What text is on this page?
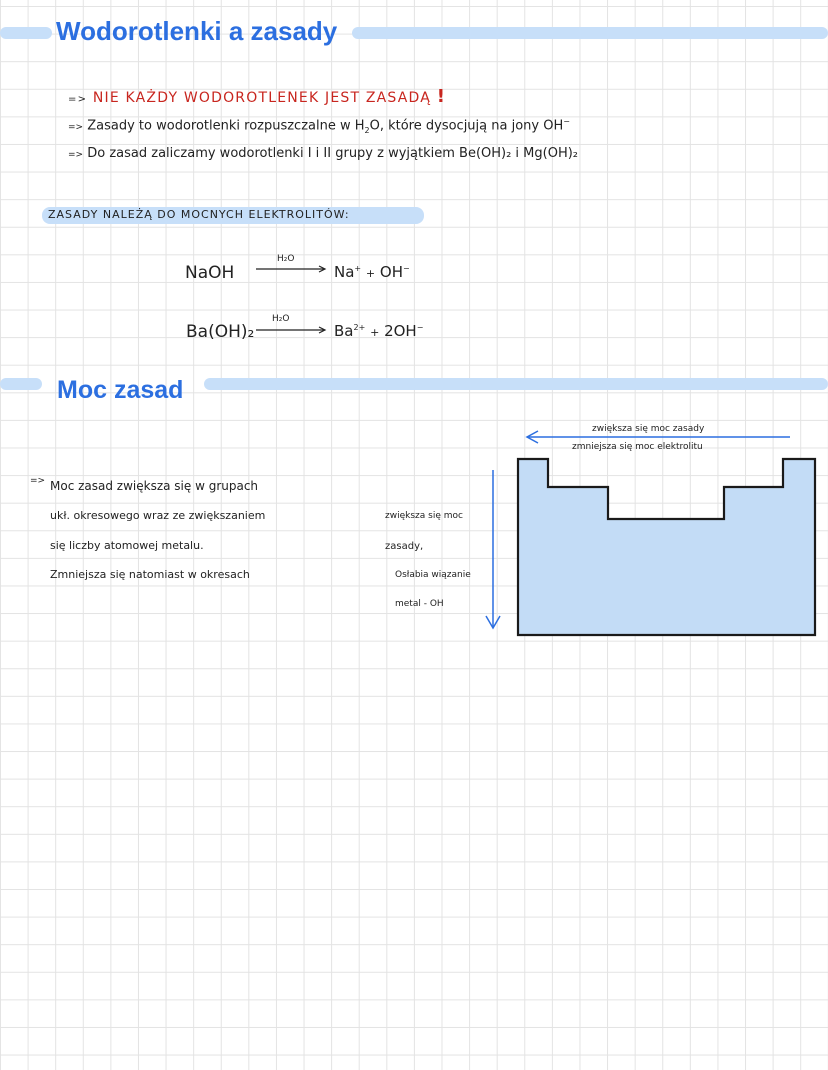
Wodorotlenki a zasady
=> NIE KAŻDY WODOROTLENEK JEST ZASADĄ !
=> Zasady to wodorotlenki rozpuszczalne w $H_2O$, które dysocjują na jony OH−
=> Do zasad zaliczamy wodorotlenki I i II grupy z wyjątkiem Be(OH)₂ i Mg(OH)₂
ZASADY NALEŻĄ DO MOCNYCH ELEKTROLITÓW:
NaOH
H₂O
Na+ + OH−
Ba(OH)₂
H₂O
$Ba^{2+} + 2OH^-$
Moc zasad
=> Moc zasad zwiększa się w grupach
ukł. okresowego wraz ze zwiększaniem
się liczby atomowej metalu.
Zmniejsza się natomiast w okresach
zwiększa się moc
zasady,
Osłabia wiązanie
metal - OH
zwiększa się moc zasady
zmniejsza się moc elektrolitu
